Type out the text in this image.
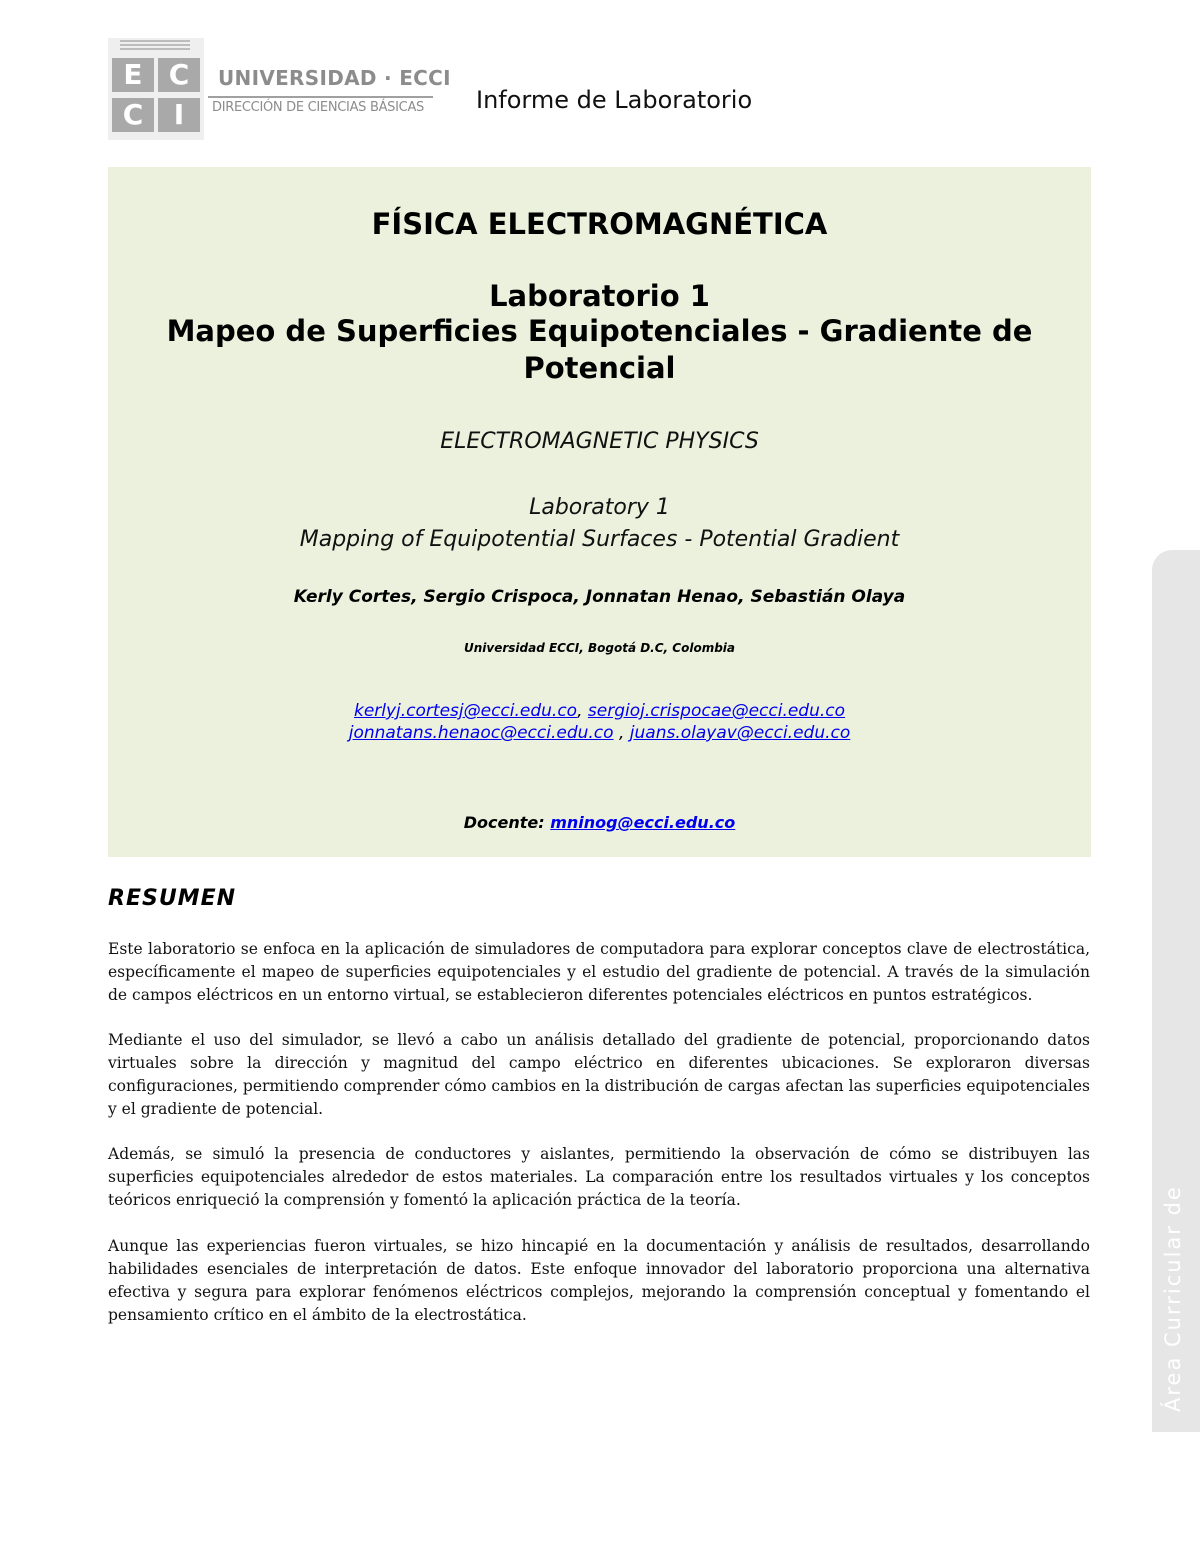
E C
C	I
UNIVERSIDAD · ECCI
DIRECCIÓN DE CIENCIAS BÁSICAS Informe de Laboratorio
FÍSICA ELECTROMAGNÉTICA
Laboratorio 1
Mapeo de Superficies Equipotenciales - Gradiente de Potencial
ELECTROMAGNETIC PHYSICS
Laboratory 1
Mapping of Equipotential Surfaces - Potential Gradient
Kerly Cortes, Sergio Crispoca, Jonnatan Henao, Sebastián Olaya
Universidad ECCI, Bogotá D.C, Colombia
kerlyj.cortesj@ecci.edu.co, sergioj.crispocae@ecci.edu.co
jonnatans.henaoc@ecci.edu.co , juans.olayav@ecci.edu.co
Docente: mninog@ecci.edu.co
RESUMEN

Este laboratorio se enfoca en la aplicación de simuladores de computadora para explorar conceptos clave de electrostática, específicamente el mapeo de superficies equipotenciales y el estudio del gradiente de potencial. A través de la simulación de campos eléctricos en un entorno virtual, se establecieron diferentes potenciales eléctricos en puntos estratégicos.

Mediante el uso del simulador, se llevó a cabo un análisis detallado del gradiente de potencial, proporcionando datos virtuales sobre la dirección y magnitud del campo eléctrico en diferentes ubicaciones. Se exploraron diversas configuraciones, permitiendo comprender cómo cambios en la distribución de cargas afectan las superficies equipotenciales y el gradiente de potencial.

Además, se simuló la presencia de conductores y aislantes, permitiendo la observación de cómo se distribuyen las superficies equipotenciales alrededor de estos materiales. La comparación entre los resultados virtuales y los conceptos teóricos enriqueció la comprensión y fomentó la aplicación práctica de la teoría.

Aunque las experiencias fueron virtuales, se hizo hincapié en la documentación y análisis de resultados, desarrollando habilidades esenciales de interpretación de datos. Este enfoque innovador del laboratorio proporciona una alternativa efectiva y segura para explorar fenómenos eléctricos complejos, mejorando la comprensión conceptual y fomentando el pensamiento crítico en el ámbito de la electrostática.	Área Curricular de
